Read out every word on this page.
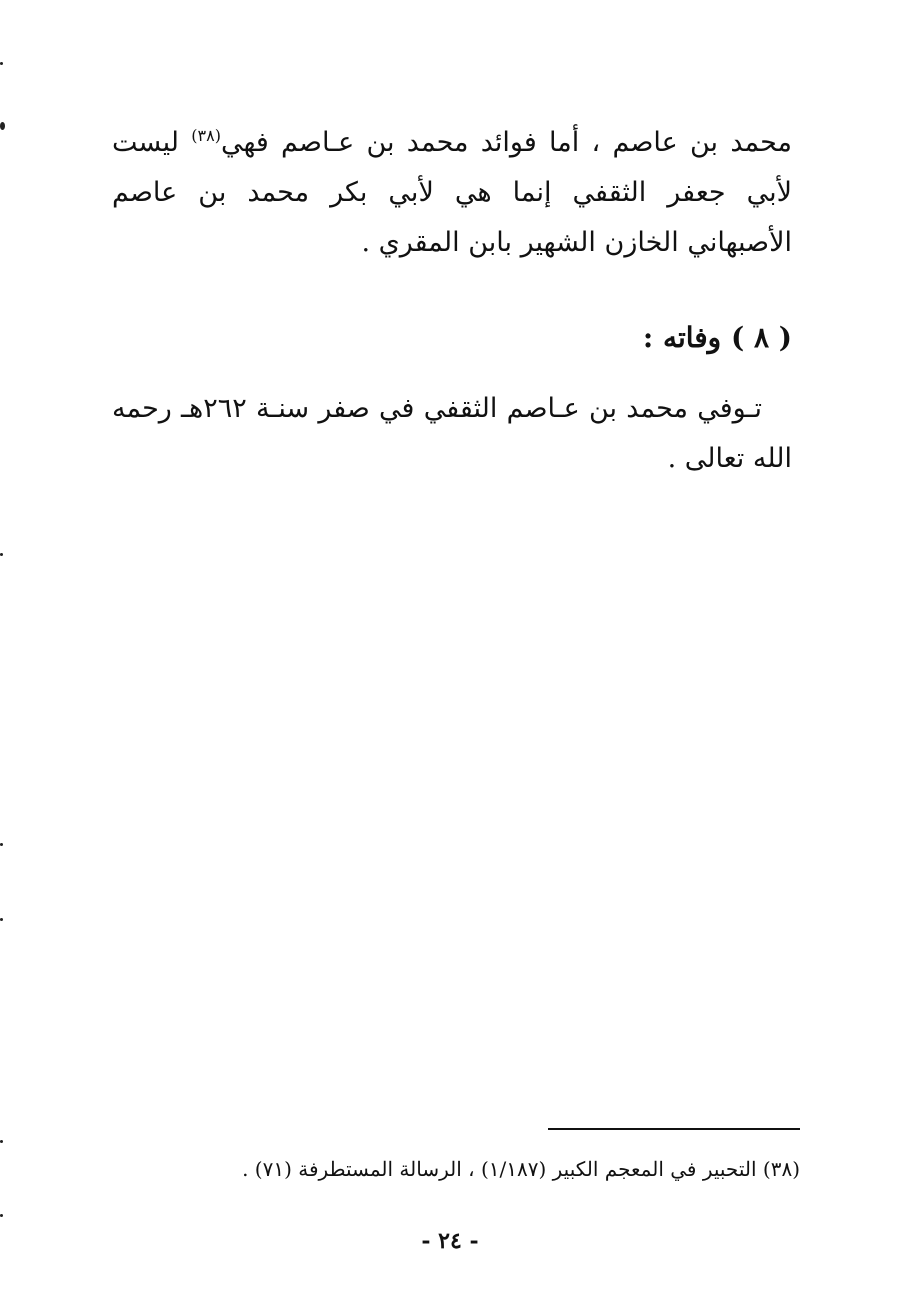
محمد بن عاصم ، أما فوائد محمد بن عـاصم فهي$^{(٣٨)}$ ليست لأبي جعفر الثقفي إنما هي لأبي بكر محمد بن عاصم الأصبهاني الخازن الشهير بابن المقري .

( ٨ ) وفاته :

تـوفي محمد بن عـاصم الثقفي في صفر سنـة ٢٦٢هـ رحمه الله تعالى .

(٣٨) التحبير في المعجم الكبير (١/١٨٧) ، الرسالة المستطرفة (٧١) .

- ٢٤ -
